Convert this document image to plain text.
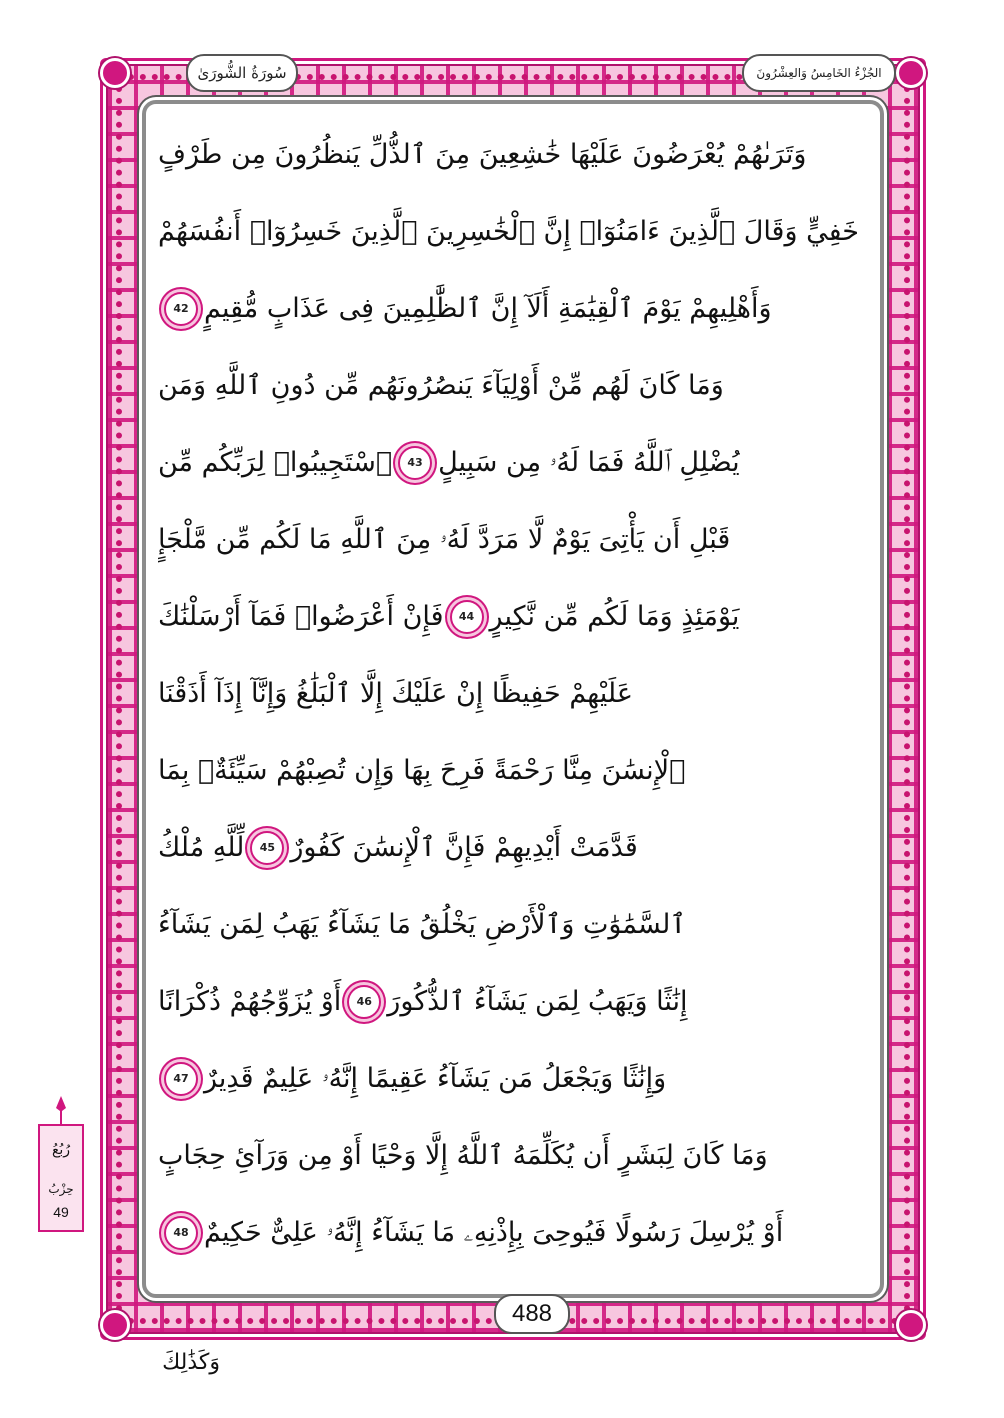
سُورَةُ الشُّورَىٰ	الجُزْءُ الخَامِسُ وَالعِشْرُونَ
وَتَرَىٰهُمْ يُعْرَضُونَ عَلَيْهَا خَٰشِعِينَ مِنَ ٱلذُّلِّ يَنظُرُونَ مِن طَرْفٍ
خَفِيٍّ وَقَالَ ٱلَّذِينَ ءَامَنُوٓا۟ إِنَّ ٱلْخَٰسِرِينَ ٱلَّذِينَ خَسِرُوٓا۟ أَنفُسَهُمْ
وَأَهْلِيهِمْ يَوْمَ ٱلْقِيَٰمَةِ أَلَآ إِنَّ ٱلظَّٰلِمِينَ فِى عَذَابٍ مُّقِيمٍ
42
وَمَا كَانَ لَهُم مِّنْ أَوْلِيَآءَ يَنصُرُونَهُم مِّن دُونِ ٱللَّهِ وَمَن
يُضْلِلِ ٱللَّهُ فَمَا لَهُۥ مِن سَبِيلٍ
43
ٱسْتَجِيبُوا۟ لِرَبِّكُم مِّن
قَبْلِ أَن يَأْتِىَ يَوْمٌ لَّا مَرَدَّ لَهُۥ مِنَ ٱللَّهِ مَا لَكُم مِّن مَّلْجَإٍ
يَوْمَئِذٍ وَمَا لَكُم مِّن نَّكِيرٍ
44
فَإِنْ أَعْرَضُوا۟ فَمَآ أَرْسَلْنَٰكَ
عَلَيْهِمْ حَفِيظًا إِنْ عَلَيْكَ إِلَّا ٱلْبَلَٰغُ وَإِنَّآ إِذَآ أَذَقْنَا
ٱلْإِنسَٰنَ مِنَّا رَحْمَةً فَرِحَ بِهَا وَإِن تُصِبْهُمْ سَيِّئَةٌۢ بِمَا
قَدَّمَتْ أَيْدِيهِمْ فَإِنَّ ٱلْإِنسَٰنَ كَفُورٌ
45
لِّلَّهِ مُلْكُ
ٱلسَّمَٰوَٰتِ وَٱلْأَرْضِ يَخْلُقُ مَا يَشَآءُ يَهَبُ لِمَن يَشَآءُ
إِنَٰثًا وَيَهَبُ لِمَن يَشَآءُ ٱلذُّكُورَ
46
أَوْ يُزَوِّجُهُمْ ذُكْرَانًا
وَإِنَٰثًا وَيَجْعَلُ مَن يَشَآءُ عَقِيمًا إِنَّهُۥ عَلِيمٌ قَدِيرٌ
47
وَمَا كَانَ لِبَشَرٍ أَن يُكَلِّمَهُ ٱللَّهُ إِلَّا وَحْيًا أَوْ مِن وَرَآئِ حِجَابٍ
أَوْ يُرْسِلَ رَسُولًا فَيُوحِىَ بِإِذْنِهِۦ مَا يَشَآءُ إِنَّهُۥ عَلِىٌّ حَكِيمٌ
48
488
وَكَذَٰلِكَ
رُبُعُ
حِزْبُ
49
